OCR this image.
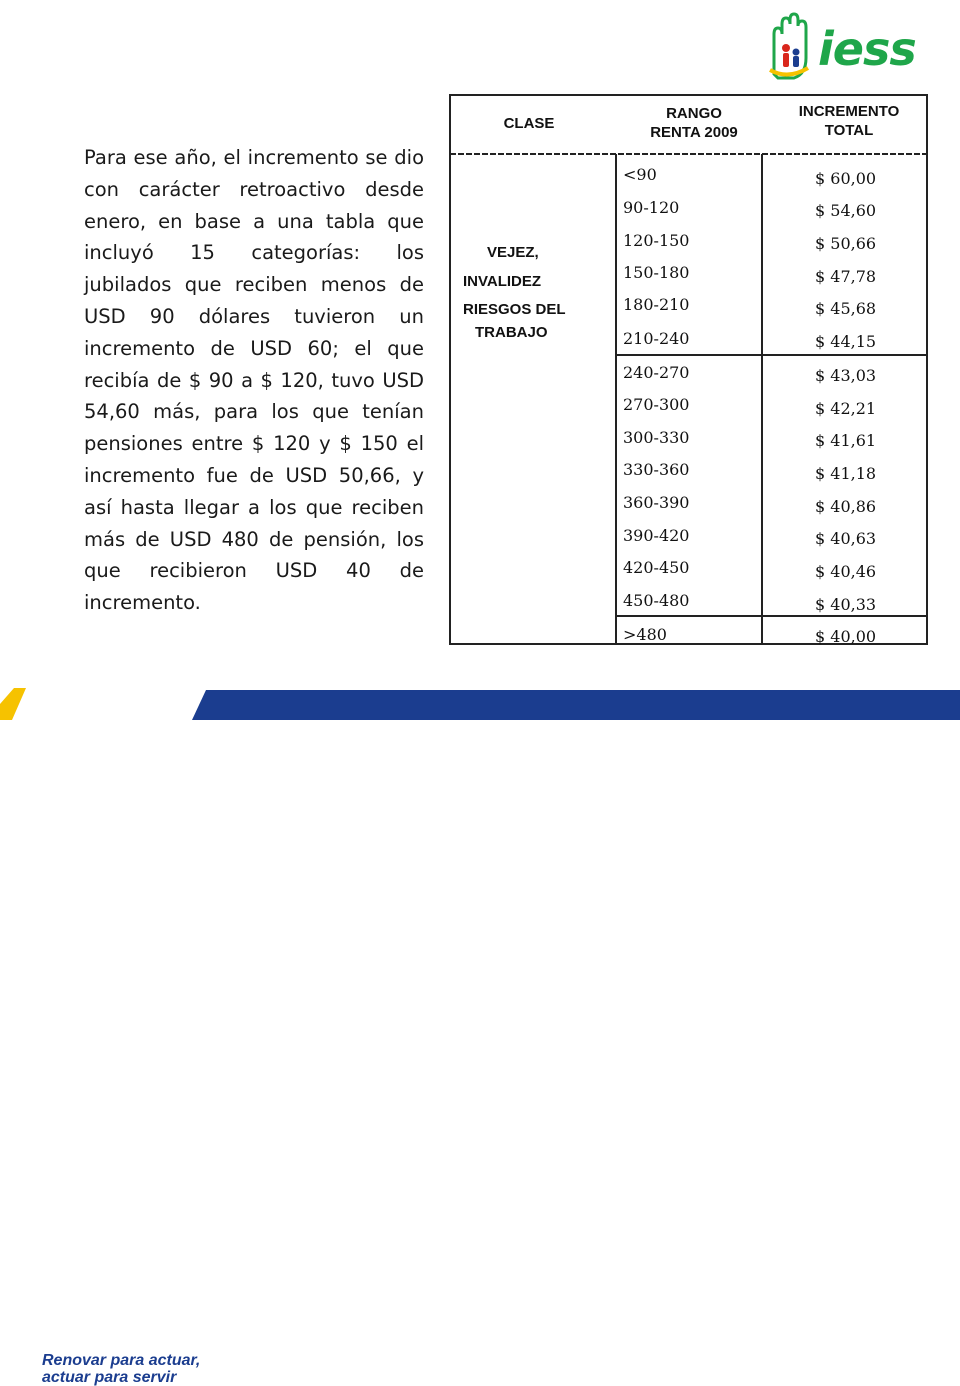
iess
Para ese año, el incremento se dio con carácter retroactivo desde enero, en base a una tabla que incluyó 15 categorías: los jubilados que reciben menos de USD 90 dólares tuvieron un incremento de USD 60; el que recibía de $ 90 a $ 120, tuvo USD 54,60 más, para los que tenían pensiones entre $ 120 y $ 150 el incremento fue de USD 50,66, y así hasta llegar a los que reciben más de USD 480 de pensión, los que recibieron USD 40 de incremento.
CLASE
RANGO
RENTA 2009
INCREMENTO
TOTAL
VEJEZ,
INVALIDEZ
RIESGOS DEL
TRABAJO
<90	$ 60,00
90-120	$ 54,60
120-150	$ 50,66
150-180	$ 47,78
180-210	$ 45,68
210-240	$ 44,15
240-270	$ 43,03
270-300	$ 42,21
300-330	$ 41,61
330-360	$ 41,18
360-390	$ 40,86
390-420	$ 40,63
420-450	$ 40,46
450-480	$ 40,33
>480	$ 40,00
Renovar para actuar,
actuar para servir
